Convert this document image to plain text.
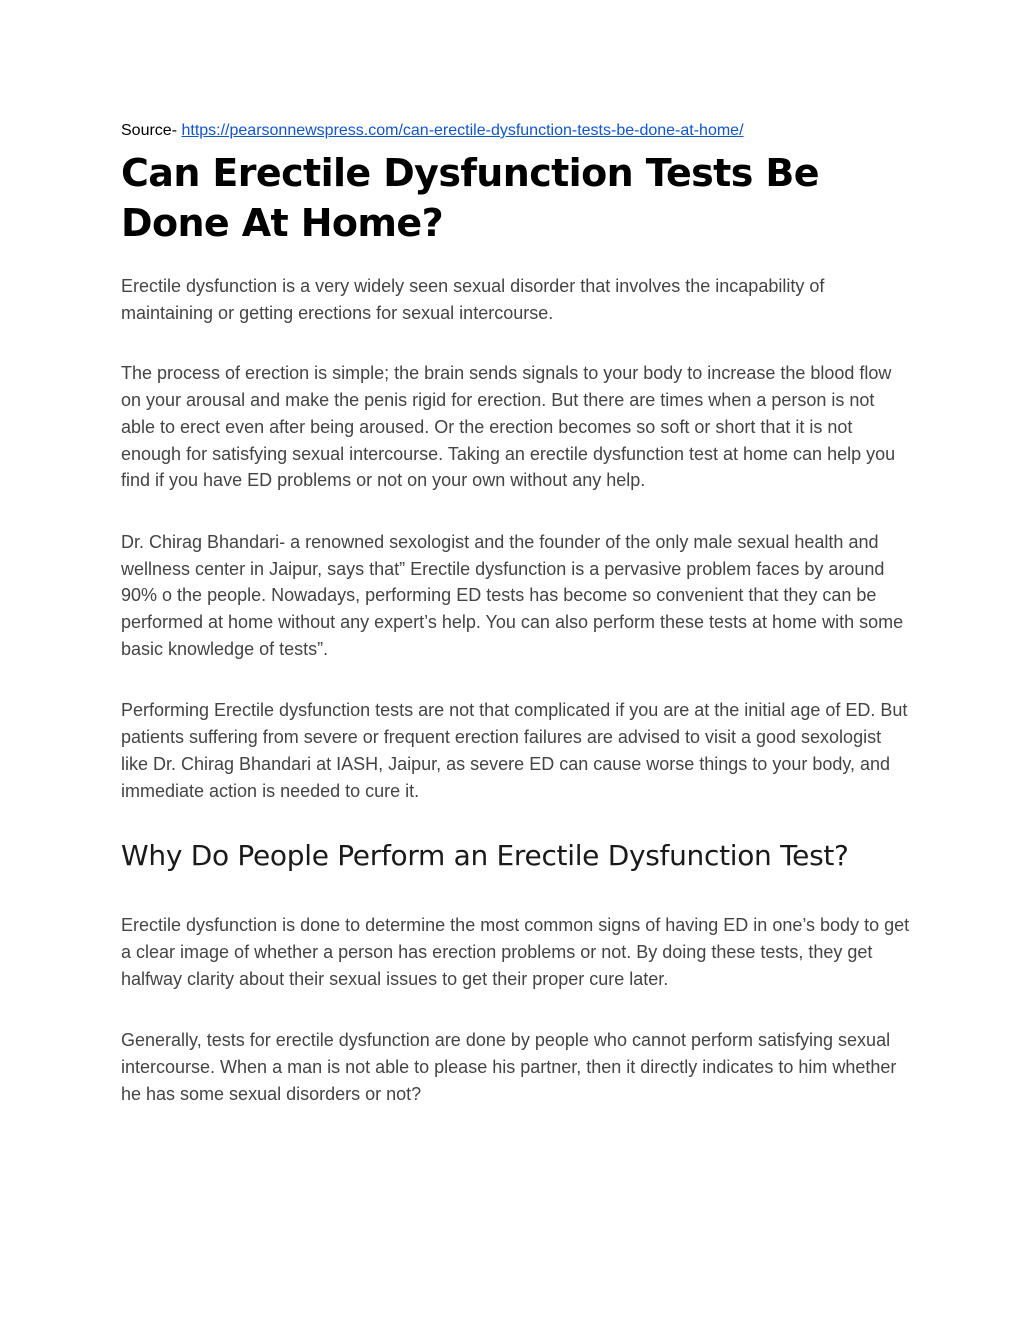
Source- https://pearsonnewspress.com/can-erectile-dysfunction-tests-be-done-at-home/

Can Erectile Dysfunction Tests Be Done At Home?

Erectile dysfunction is a very widely seen sexual disorder that involves the incapability of maintaining or getting erections for sexual intercourse.

The process of erection is simple; the brain sends signals to your body to increase the blood flow on your arousal and make the penis rigid for erection. But there are times when a person is not able to erect even after being aroused. Or the erection becomes so soft or short that it is not enough for satisfying sexual intercourse. Taking an erectile dysfunction test at home can help you find if you have ED problems or not on your own without any help.

Dr. Chirag Bhandari- a renowned sexologist and the founder of the only male sexual health and wellness center in Jaipur, says that” Erectile dysfunction is a pervasive problem faces by around 90% o the people. Nowadays, performing ED tests has become so convenient that they can be performed at home without any expert’s help. You can also perform these tests at home with some basic knowledge of tests”.

Performing Erectile dysfunction tests are not that complicated if you are at the initial age of ED. But patients suffering from severe or frequent erection failures are advised to visit a good sexologist like Dr. Chirag Bhandari at IASH, Jaipur, as severe ED can cause worse things to your body, and immediate action is needed to cure it.

Why Do People Perform an Erectile Dysfunction Test?

Erectile dysfunction is done to determine the most common signs of having ED in one’s body to get a clear image of whether a person has erection problems or not. By doing these tests, they get halfway clarity about their sexual issues to get their proper cure later.

Generally, tests for erectile dysfunction are done by people who cannot perform satisfying sexual intercourse. When a man is not able to please his partner, then it directly indicates to him whether he has some sexual disorders or not?
